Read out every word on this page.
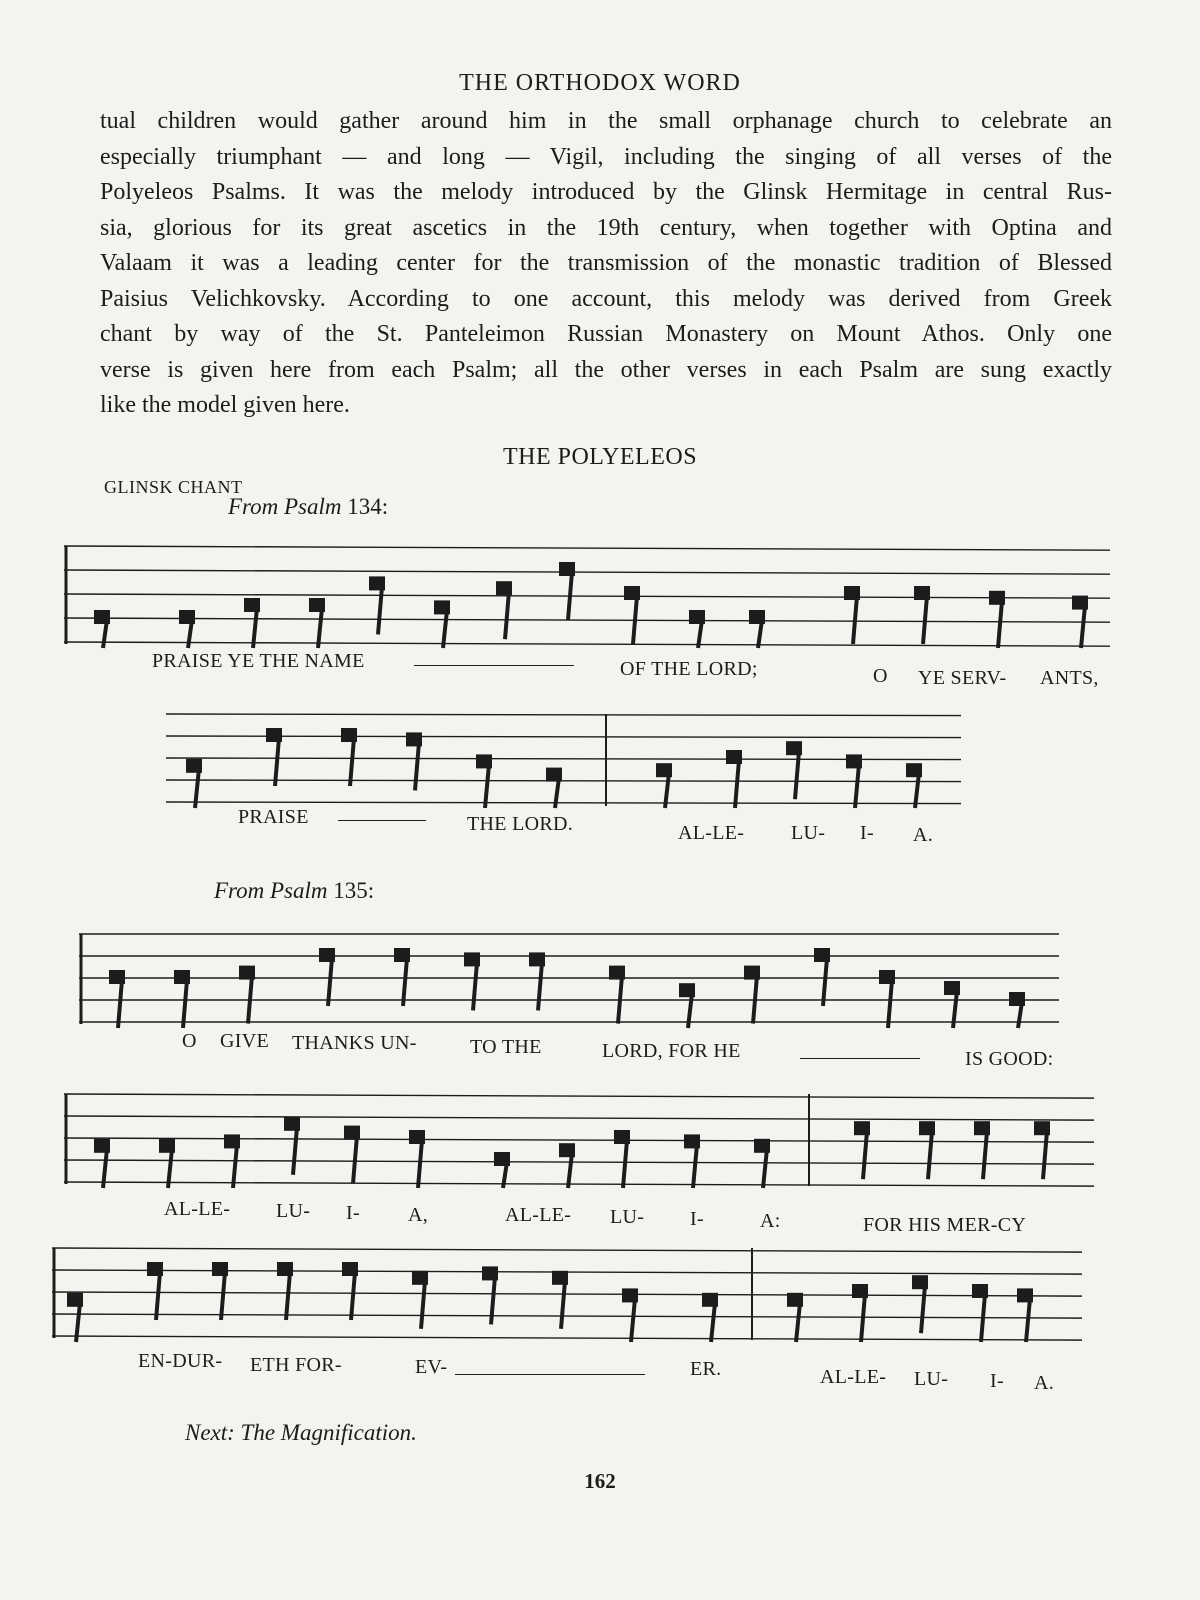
THE ORTHODOX WORD
tual children would gather around him in the small orphanage church to celebrate an
especially triumphant — and long — Vigil, including the singing of all verses of the
Polyeleos Psalms. It was the melody introduced by the Glinsk Hermitage in central Rus-
sia, glorious for its great ascetics in the 19th century, when together with Optina and
Valaam it was a leading center for the transmission of the monastic tradition of Blessed
Paisius Velichkovsky. According to one account, this melody was derived from Greek
chant by way of the St. Panteleimon Russian Monastery on Mount Athos. Only one
verse is given here from each Psalm; all the other verses in each Psalm are sung exactly
like the model given here.
THE POLYELEOS
GLINSK CHANT
From Psalm 134:
PRAISE YE THE NAME	OF THE LORD;	O YE SERV- ANTS,
PRAISE	THE LORD.	AL-LE- LU- I- A.
From Psalm 135:
O GIVE THANKS UN-	TO THE	LORD, FOR HE	IS GOOD:
AL-LE- LU- I- A,	AL-LE- LU- I-	A:	FOR HIS MER-CY
EN-DUR- ETH FOR-	EV-	ER.	AL-LE- LU- I- A.
Next: The Magnification.
162
